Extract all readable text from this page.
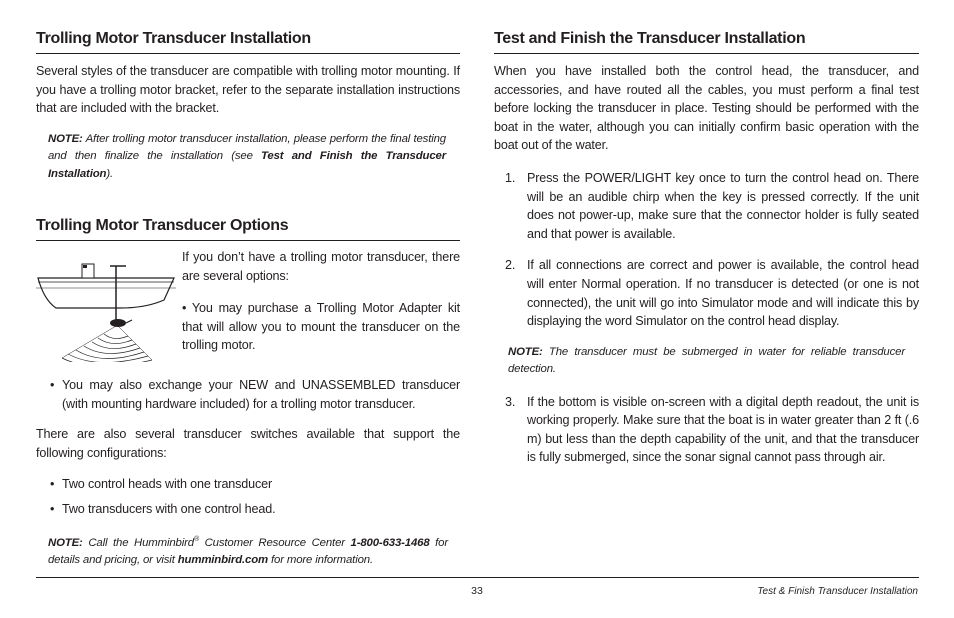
Trolling Motor Transducer Installation

Several styles of the transducer are compatible with trolling motor mounting. If you have a trolling motor bracket, refer to the separate installation instructions that are included with the bracket.

NOTE: After trolling motor transducer installation, please perform the final testing and then finalize the installation (see Test and Finish the Transducer Installation).

Trolling Motor Transducer Options

If you don’t have a trolling motor transducer, there are several options:

• You may purchase a Trolling Motor Adapter kit that will allow you to mount the transducer on the trolling motor.

• You may also exchange your NEW and UNASSEMBLED transducer (with mounting hardware included) for a trolling motor transducer.

There are also several transducer switches available that support the following configurations:

• Two control heads with one transducer
• Two transducers with one control head.

NOTE: Call the Humminbird® Customer Resource Center 1-800-633-1468 for details and pricing, or visit humminbird.com for more information.

Test and Finish the Transducer Installation

When you have installed both the control head, the transducer, and accessories, and have routed all the cables, you must perform a final test before locking the transducer in place. Testing should be performed with the boat in the water, although you can initially confirm basic operation with the boat out of the water.

1. Press the POWER/LIGHT key once to turn the control head on. There will be an audible chirp when the key is pressed correctly. If the unit does not power-up, make sure that the connector holder is fully seated and that power is available.
2. If all connections are correct and power is available, the control head will enter Normal operation. If no transducer is detected (or one is not connected), the unit will go into Simulator mode and will indicate this by displaying the word Simulator on the control head display.

NOTE: The transducer must be submerged in water for reliable transducer detection.

3. If the bottom is visible on-screen with a digital depth readout, the unit is working properly. Make sure that the boat is in water greater than 2 ft (.6 m) but less than the depth capability of the unit, and that the transducer is fully submerged, since the sonar signal cannot pass through air.
33	Test & Finish Transducer Installation
